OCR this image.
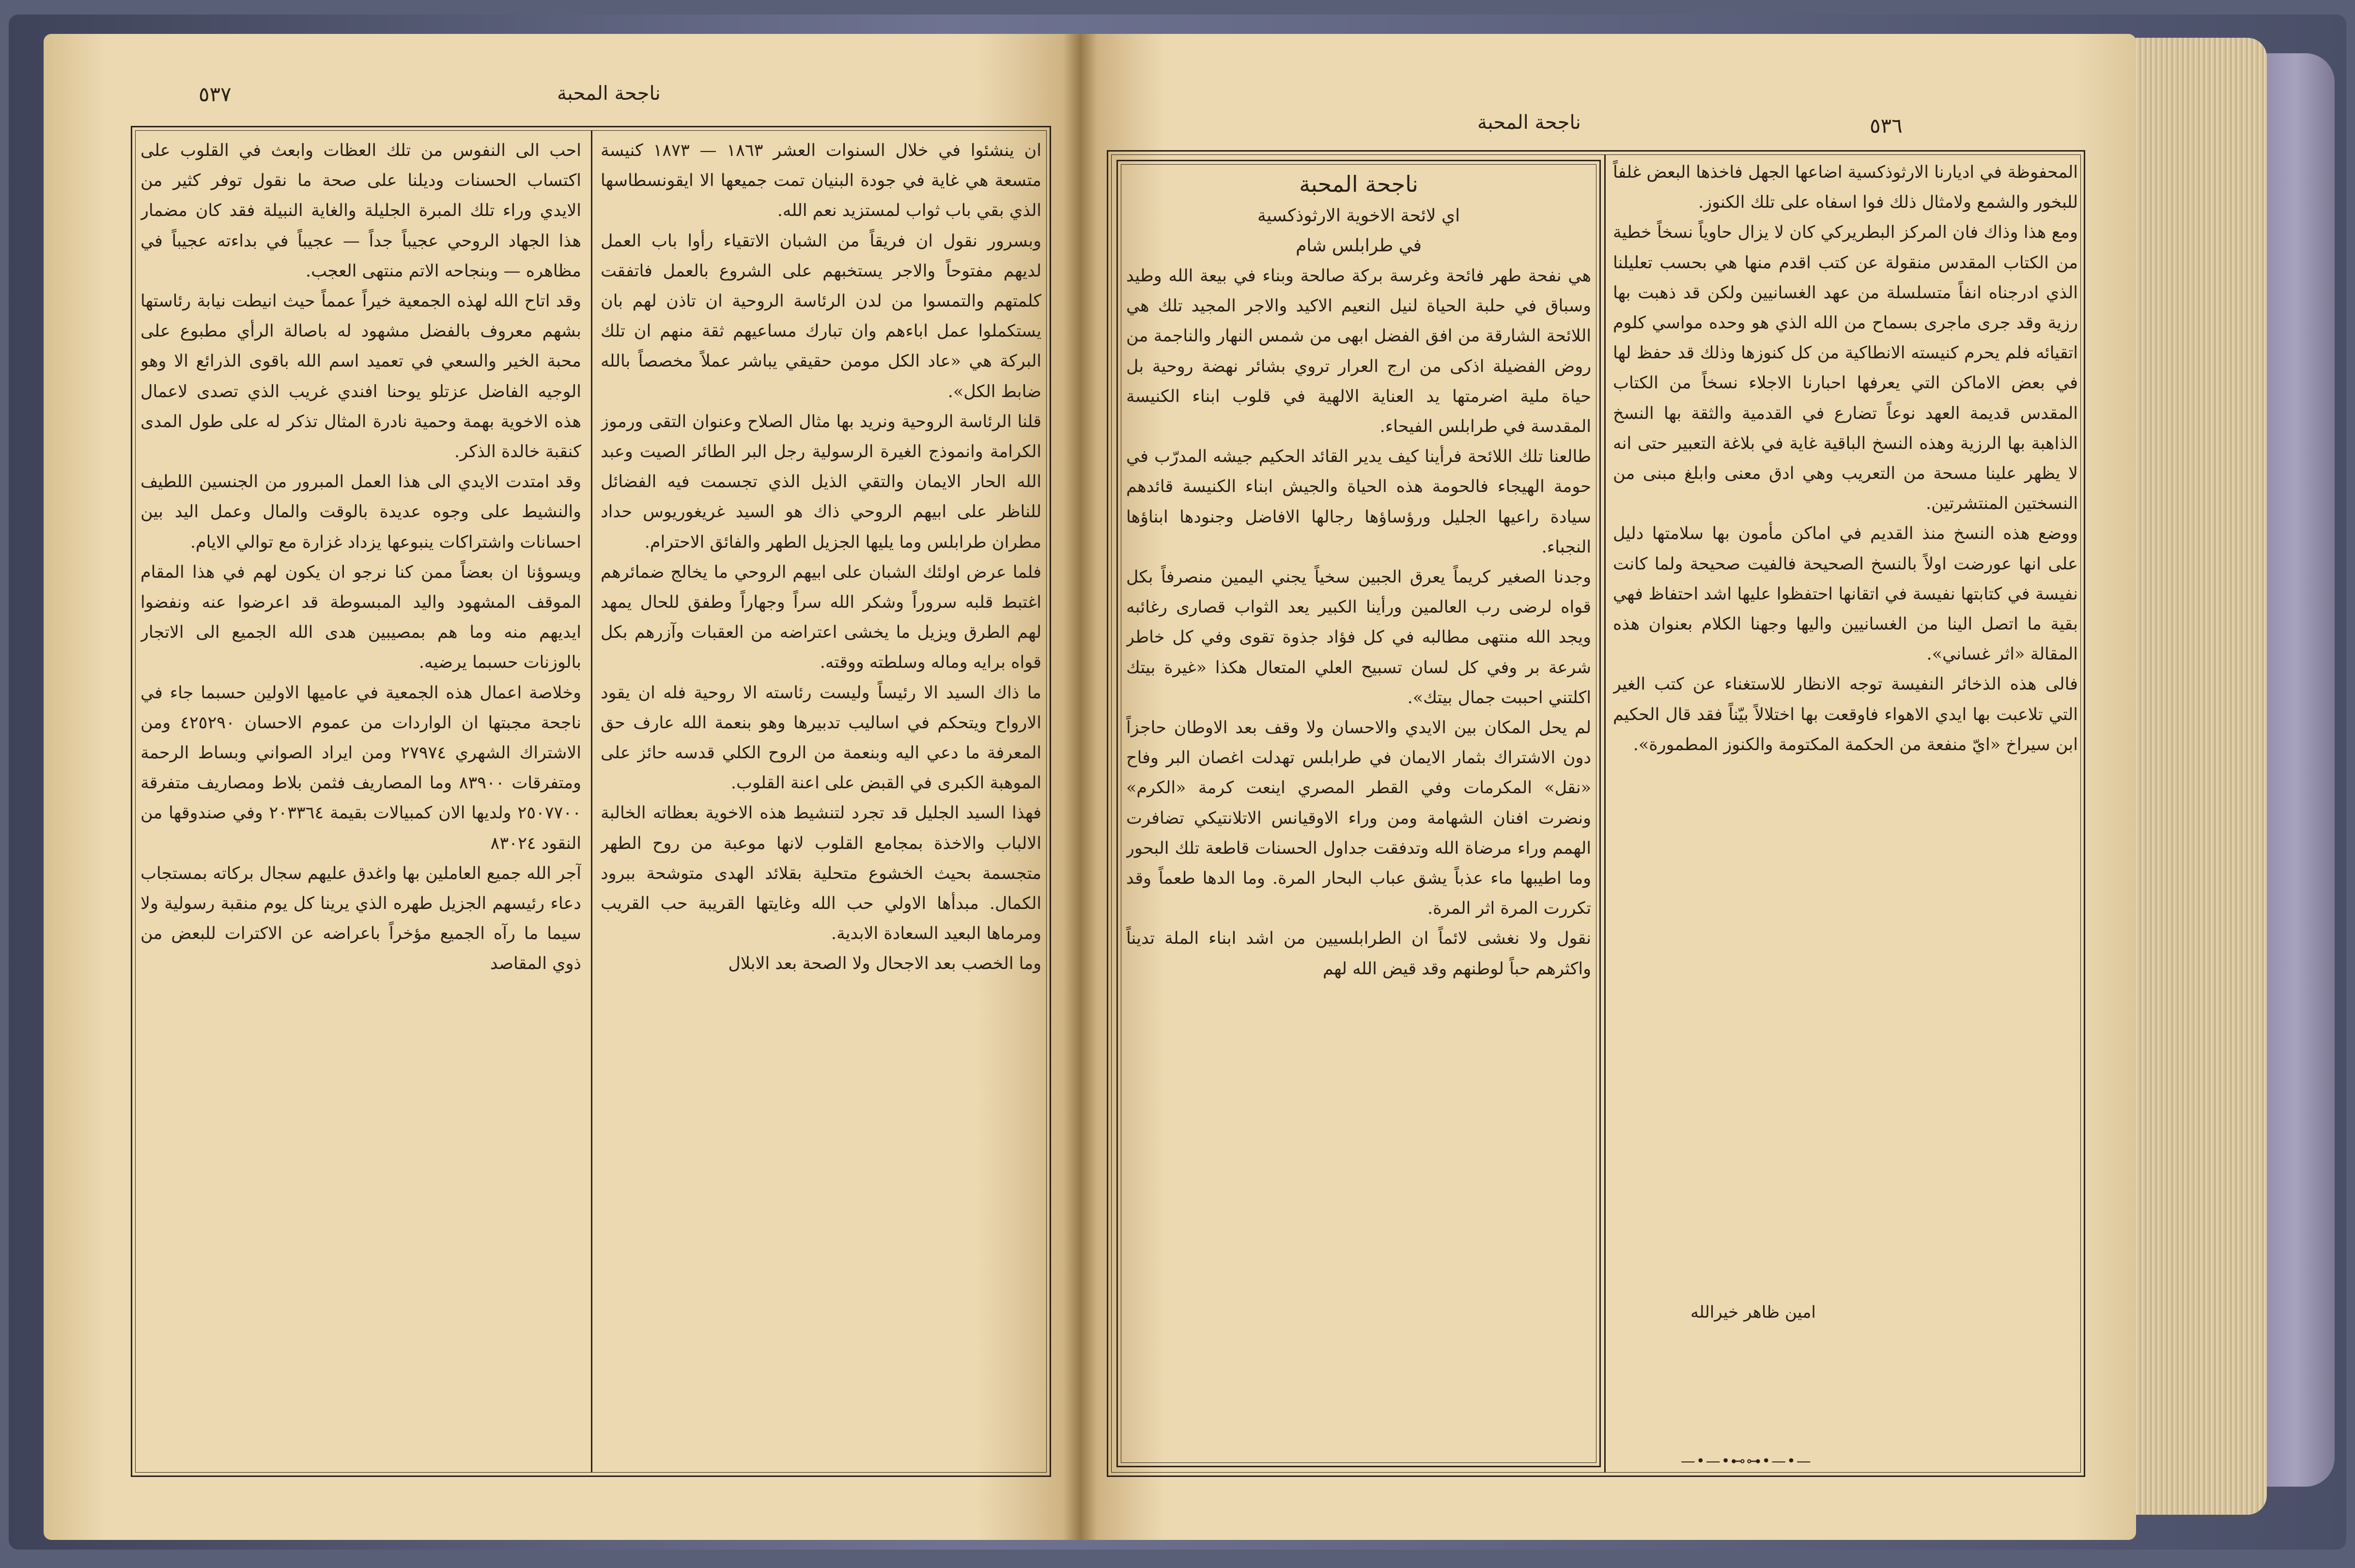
٥٣٧	ناجحة المحبة

ان ينشئوا في خلال السنوات العشر ١٨٦٣ — ١٨٧٣ كنيسة متسعة هي غاية في جودة البنيان تمت جميعها الا ايقونسطاسها الذي بقي باب ثواب لمستزيد نعم الله.

وبسرور نقول ان فريقاً من الشبان الاتقياء رأوا باب العمل لديهم مفتوحاً والاجر يستخبهم على الشروع بالعمل فاتفقت كلمتهم والتمسوا من لدن الرئاسة الروحية ان تاذن لهم بان يستكملوا عمل اباءهم وان تبارك مساعيهم ثقة منهم ان تلك البركة هي «عاد الكل مومن حقيقي يباشر عملاً مخصصاً بالله ضابط الكل».

قلنا الرئاسة الروحية ونريد بها مثال الصلاح وعنوان التقى ورموز الكرامة وانموذج الغيرة الرسولية رجل البر الطائر الصيت وعبد الله الحار الايمان والتقي الذيل الذي تجسمت فيه الفضائل للناظر على ابيهم الروحي ذاك هو السيد غريغوريوس حداد مطران طرابلس وما يليها الجزيل الطهر والفائق الاحترام.

فلما عرض اولئك الشبان على ابيهم الروحي ما يخالج ضمائرهم اغتبط قلبه سروراً وشكر الله سراً وجهاراً وطفق للحال يمهد لهم الطرق ويزيل ما يخشى اعتراضه من العقبات وآزرهم بكل قواه برايه وماله وسلطته ووقته.

ما ذاك السيد الا رئيساً وليست رئاسته الا روحية فله ان يقود الارواح ويتحكم في اساليب تدبيرها وهو بنعمة الله عارف حق المعرفة ما دعي اليه وبنعمة من الروح الكلي قدسه حائز على الموهبة الكبرى في القبض على اعنة القلوب.

فهذا السيد الجليل قد تجرد لتنشيط هذه الاخوية بعظاته الخالبة الالباب والاخذة بمجامع القلوب لانها موعبة من روح الطهر متجسمة بحيث الخشوع متحلية بقلائد الهدى متوشحة ببرود الكمال. مبدأها الاولي حب الله وغايتها القريبة حب القريب ومرماها البعيد السعادة الابدية.

وما الخصب بعد الاجحال ولا الصحة بعد الابلال

احب الى النفوس من تلك العظات وابعث في القلوب على اكتساب الحسنات وديلنا على صحة ما نقول توفر كثير من الايدي وراء تلك المبرة الجليلة والغاية النبيلة فقد كان مضمار هذا الجهاد الروحي عجيباً جداً — عجيباً في بداءته عجيباً في مظاهره — وبنجاحه الاتم منتهى العجب.

وقد اتاح الله لهذه الجمعية خيراً عمماً حيث انيطت نيابة رئاستها بشهم معروف بالفضل مشهود له باصالة الرأي مطبوع على محبة الخير والسعي في تعميد اسم الله باقوى الذرائع الا وهو الوجيه الفاضل عزتلو يوحنا افندي غريب الذي تصدى لاعمال هذه الاخوية بهمة وحمية نادرة المثال تذكر له على طول المدى كنقبة خالدة الذكر.

وقد امتدت الايدي الى هذا العمل المبرور من الجنسين اللطيف والنشيط على وجوه عديدة بالوقت والمال وعمل اليد بين احسانات واشتراكات ينبوعها يزداد غزارة مع توالي الايام.

ويسوؤنا ان بعضاً ممن كنا نرجو ان يكون لهم في هذا المقام الموقف المشهود واليد المبسوطة قد اعرضوا عنه ونفضوا ايديهم منه وما هم بمصيبين هدى الله الجميع الى الاتجار بالوزنات حسبما يرضيه.

وخلاصة اعمال هذه الجمعية في عاميها الاولين حسبما جاء في ناجحة مجبتها ان الواردات من عموم الاحسان ٤٢٥٢٩٠ ومن الاشتراك الشهري ٢٧٩٧٤ ومن ايراد الصواني وبساط الرحمة ومتفرقات ٨٣٩٠٠ وما المصاريف فثمن بلاط ومصاريف متفرقة ٢٥٠٧٧٠٠ ولديها الان كمبيالات بقيمة ٢٠٣٣٦٤ وفي صندوقها من النقود ٨٣٠٢٤

آجر الله جميع العاملين بها واغدق عليهم سجال بركاته بمستجاب دعاء رئيسهم الجزيل طهره الذي يرينا كل يوم منقبة رسولية ولا سيما ما رآه الجميع مؤخراً باعراضه عن الاكترات للبعض من ذوي المقاصد

٥٣٦
ناجحة المحبة

ناجحة المحبة

اي لائحة الاخوية الارثوذكسية

في طرابلس شام

هي نفحة طهر فائحة وغرسة بركة صالحة وبناء في بيعة الله وطيد وسباق في حلبة الحياة لنيل النعيم الاكيد والاجر المجيد تلك هي اللائحة الشارقة من افق الفضل ابهى من شمس النهار والناجمة من روض الفضيلة اذكى من ارج العرار تروي بشائر نهضة روحية بل حياة ملية اضرمتها يد العناية الالهية في قلوب ابناء الكنيسة المقدسة في طرابلس الفيحاء.

طالعنا تلك اللائحة فرأينا كيف يدير القائد الحكيم جيشه المدرّب في حومة الهيجاء فالحومة هذه الحياة والجيش ابناء الكنيسة قائدهم سيادة راعيها الجليل ورؤساؤها رجالها الافاضل وجنودها ابناؤها النجباء.

وجدنا الصغير كريماً يعرق الجبين سخياً يجني اليمين منصرفاً بكل قواه لرضى رب العالمين ورأينا الكبير يعد الثواب قصارى رغائبه ويجد الله منتهى مطالبه في كل فؤاد جذوة تقوى وفي كل خاطر شرعة بر وفي كل لسان تسبيح العلي المتعال هكذا «غيرة بيتك اكلتني احببت جمال بيتك».

لم يحل المكان بين الايدي والاحسان ولا وقف بعد الاوطان حاجزاً دون الاشتراك بثمار الايمان في طرابلس تهدلت اغصان البر وفاح «نقل» المكرمات وفي القطر المصري اينعت كرمة «الكرم» ونضرت افنان الشهامة ومن وراء الاوقيانس الاتلانتيكي تضافرت الهمم وراء مرضاة الله وتدفقت جداول الحسنات قاطعة تلك البحور وما اطيبها ماء عذباً يشق عباب البحار المرة. وما الدها طعماً وقد تكررت المرة اثر المرة.

نقول ولا نغشى لائماً ان الطرابلسيين من اشد ابناء الملة تديناً واكثرهم حباً لوطنهم وقد قيض الله لهم

المحفوظة في اديارنا الارثوذكسية اضاعها الجهل فاخذها البعض غلفاً للبخور والشمع ولامثال ذلك فوا اسفاه على تلك الكنوز.

ومع هذا وذاك فان المركز البطريركي كان لا يزال حاوياً نسخاً خطية من الكتاب المقدس منقولة عن كتب اقدم منها هي بحسب تعليلنا الذي ادرجناه انفاً متسلسلة من عهد الغسانيين ولكن قد ذهبت بها رزية وقد جرى ماجرى بسماح من الله الذي هو وحده مواسي كلوم اتقيائه فلم يحرم كنيسته الانطاكية من كل كنوزها وذلك قد حفظ لها في بعض الاماكن التي يعرفها احبارنا الاجلاء نسخاً من الكتاب المقدس قديمة العهد نوعاً تضارع في القدمية والثقة بها النسخ الذاهبة بها الرزية وهذه النسخ الباقية غاية في بلاغة التعبير حتى انه لا يظهر علينا مسحة من التعريب وهي ادق معنى وابلغ مبنى من النسختين المنتشرتين.

ووضع هذه النسخ منذ القديم في اماكن مأمون بها سلامتها دليل على انها عورضت اولاً بالنسخ الصحيحة فالفيت صحيحة ولما كانت نفيسة في كتابتها نفيسة في اتقانها احتفظوا عليها اشد احتفاظ فهي بقية ما اتصل الينا من الغسانيين واليها وجهنا الكلام بعنوان هذه المقالة «اثر غساني».

فالى هذه الذخائر النفيسة توجه الانظار للاستغناء عن كتب الغير التي تلاعبت بها ايدي الاهواء فاوقعت بها اختلالاً بيّناً فقد قال الحكيم ابن سيراخ «ايّ منفعة من الحكمة المكتومة والكنوز المطمورة».

امين ظاهر خيرالله
—•—•⊷⊶•—•—
